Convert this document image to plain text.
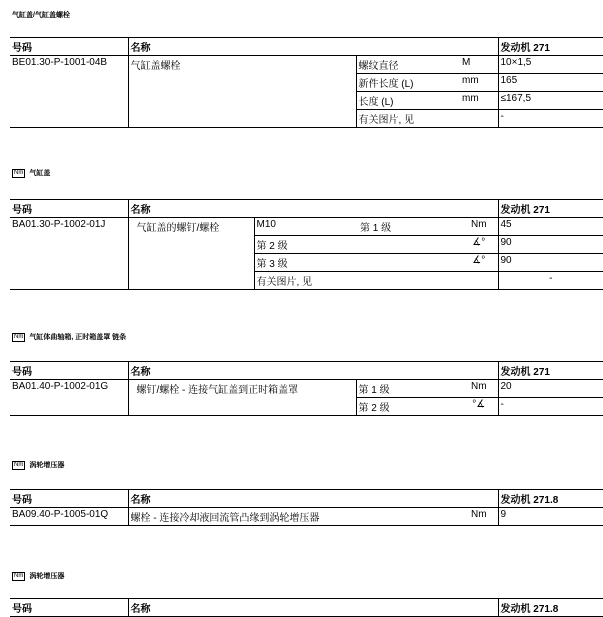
气缸盖/气缸盖螺栓
号码	名称			发动机 271
BE01.30-P-1001-04B	气缸盖螺栓	螺纹直径	M	10×1,5
		新件长度 (L)	mm	165
		长度 (L)	mm	≤167,5
		有关图片, 见		-
Nm 气缸盖
号码	名称				发动机 271
BA01.30-P-1002-01J	气缸盖的螺钉/螺栓	M10	第 1 级	Nm	45
		第 2 级		∡°	90
		第 3 级		∡°	90
		有关图片, 见			-
Nm 气缸体曲轴箱, 正时箱盖罩 链条
号码	名称			发动机 271
BA01.40-P-1002-01G	螺钉/螺栓 - 连接气缸盖到正时箱盖罩	第 1 级	Nm	20
		第 2 级	°∡	-
Nm 涡轮增压器
号码	名称		发动机 271.8
BA09.40-P-1005-01Q	螺栓 - 连接冷却液回流管凸缘到涡轮增压器	Nm	9
Nm 涡轮增压器
号码	名称		发动机 271.8
